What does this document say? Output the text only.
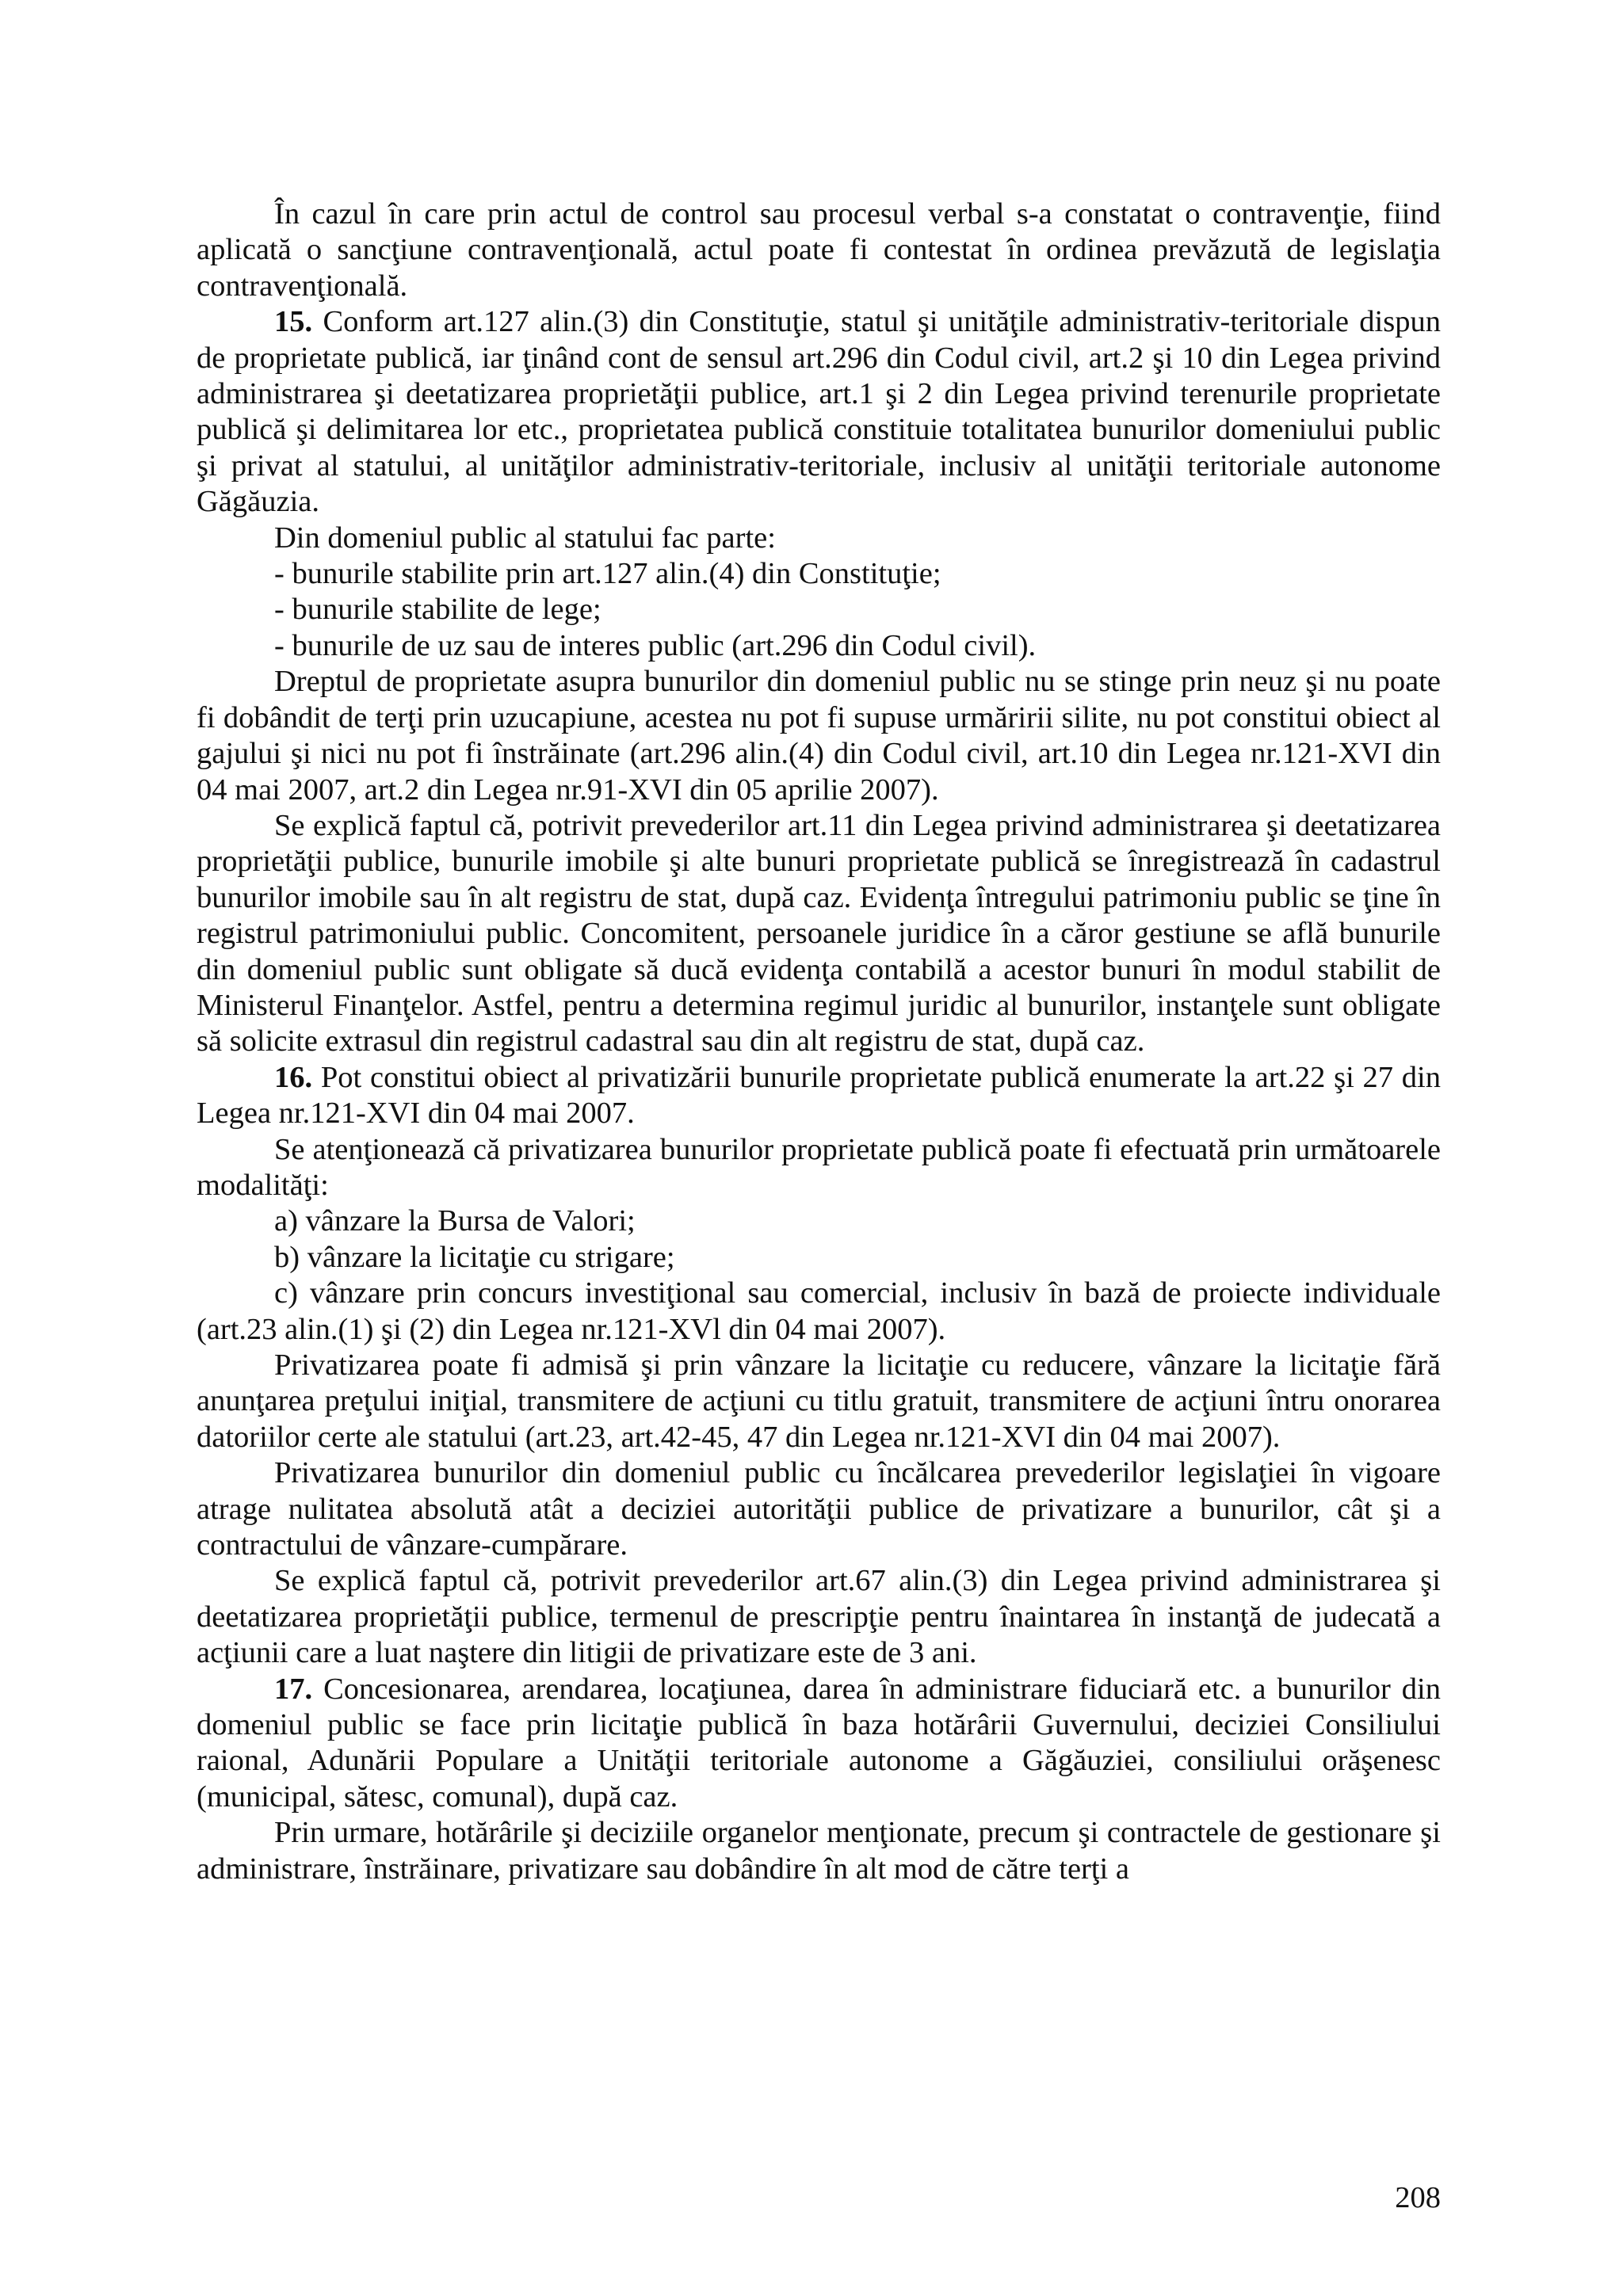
În cazul în care prin actul de control sau procesul verbal s-a constatat o contravenţie, fiind aplicată o sancţiune contravenţională, actul poate fi contestat în ordinea prevăzută de legislaţia contravenţională.

15. Conform art.127 alin.(3) din Constituţie, statul şi unităţile administrativ-teritoriale dispun de proprietate publică, iar ţinând cont de sensul art.296 din Codul civil, art.2 şi 10 din Legea privind administrarea şi deetatizarea proprietăţii publice, art.1 şi 2 din Legea privind terenurile proprietate publică şi delimitarea lor etc., proprietatea publică constituie totalitatea bunurilor domeniului public şi privat al statului, al unităţilor administrativ-teritoriale, inclusiv al unităţii teritoriale autonome Găgăuzia.

Din domeniul public al statului fac parte:

- bunurile stabilite prin art.127 alin.(4) din Constituţie;

- bunurile stabilite de lege;

- bunurile de uz sau de interes public (art.296 din Codul civil).

Dreptul de proprietate asupra bunurilor din domeniul public nu se stinge prin neuz şi nu poate fi dobândit de terţi prin uzucapiune, acestea nu pot fi supuse urmăririi silite, nu pot constitui obiect al gajului şi nici nu pot fi înstrăinate (art.296 alin.(4) din Codul civil, art.10 din Legea nr.121-XVI din 04 mai 2007, art.2 din Legea nr.91-XVI din 05 aprilie 2007).

Se explică faptul că, potrivit prevederilor art.11 din Legea privind administrarea şi deetatizarea proprietăţii publice, bunurile imobile şi alte bunuri proprietate publică se înregistrează în cadastrul bunurilor imobile sau în alt registru de stat, după caz. Evidenţa întregului patrimoniu public se ţine în registrul patrimoniului public. Concomitent, persoanele juridice în a căror gestiune se află bunurile din domeniul public sunt obligate să ducă evidenţa contabilă a acestor bunuri în modul stabilit de Ministerul Finanţelor. Astfel, pentru a determina regimul juridic al bunurilor, instanţele sunt obligate să solicite extrasul din registrul cadastral sau din alt registru de stat, după caz.

16. Pot constitui obiect al privatizării bunurile proprietate publică enumerate la art.22 şi 27 din Legea nr.121-XVI din 04 mai 2007.

Se atenţionează că privatizarea bunurilor proprietate publică poate fi efectuată prin următoarele modalităţi:

a) vânzare la Bursa de Valori;

b) vânzare la licitaţie cu strigare;

c) vânzare prin concurs investiţional sau comercial, inclusiv în bază de proiecte individuale (art.23 alin.(1) şi (2) din Legea nr.121-XVl din 04 mai 2007).

Privatizarea poate fi admisă şi prin vânzare la licitaţie cu reducere, vânzare la licitaţie fără anunţarea preţului iniţial, transmitere de acţiuni cu titlu gratuit, transmitere de acţiuni întru onorarea datoriilor certe ale statului (art.23, art.42-45, 47 din Legea nr.121-XVI din 04 mai 2007).

Privatizarea bunurilor din domeniul public cu încălcarea prevederilor legislaţiei în vigoare atrage nulitatea absolută atât a deciziei autorităţii publice de privatizare a bunurilor, cât şi a contractului de vânzare-cumpărare.

Se explică faptul că, potrivit prevederilor art.67 alin.(3) din Legea privind administrarea şi deetatizarea proprietăţii publice, termenul de prescripţie pentru înaintarea în instanţă de judecată a acţiunii care a luat naştere din litigii de privatizare este de 3 ani.

17. Concesionarea, arendarea, locaţiunea, darea în administrare fiduciară etc. a bunurilor din domeniul public se face prin licitaţie publică în baza hotărârii Guvernului, deciziei Consiliului raional, Adunării Populare a Unităţii teritoriale autonome a Găgăuziei, consiliului orăşenesc (municipal, sătesc, comunal), după caz.

Prin urmare, hotărârile şi deciziile organelor menţionate, precum şi contractele de gestionare şi administrare, înstrăinare, privatizare sau dobândire în alt mod de către terţi a

208
